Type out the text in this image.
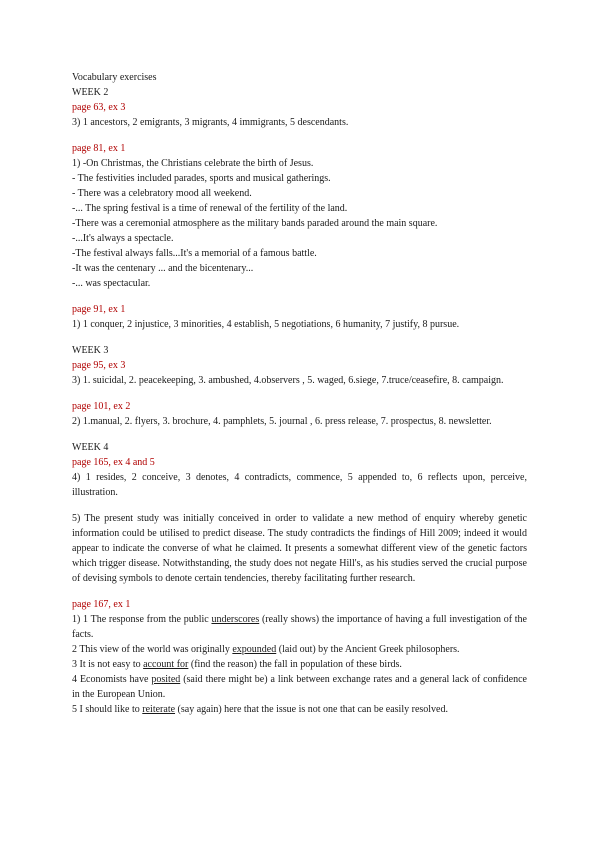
Vocabulary exercises
WEEK 2
page 63, ex 3
3) 1 ancestors, 2 emigrants, 3 migrants, 4 immigrants, 5 descendants.
page 81, ex 1
1) -On Christmas, the Christians celebrate the birth of Jesus.
- The festivities included parades, sports and musical gatherings.
- There was a celebratory mood all weekend.
-... The spring festival is a time of renewal of the fertility of the land.
-There was a ceremonial atmosphere as the military bands paraded around the main square.
-...It's always a spectacle.
-The festival always falls...It's a memorial of a famous battle.
-It was the centenary ... and the bicentenary...
-... was spectacular.
page 91, ex 1
1) 1 conquer, 2 injustice, 3 minorities, 4 establish, 5 negotiations, 6 humanity, 7 justify, 8 pursue.
WEEK 3
page 95, ex 3
3) 1. suicidal, 2. peacekeeping, 3. ambushed, 4.observers , 5. waged, 6.siege, 7.truce/ceasefire, 8. campaign.
page 101, ex 2
2) 1.manual, 2. flyers, 3. brochure, 4. pamphlets, 5. journal , 6. press release, 7. prospectus, 8. newsletter.
WEEK 4
page 165, ex 4 and 5
4) 1 resides, 2 conceive, 3 denotes, 4 contradicts, commence, 5 appended to, 6 reflects upon, perceive, illustration.
5) The present study was initially conceived in order to validate a new method of enquiry whereby genetic information could be utilised to predict disease. The study contradicts the findings of Hill 2009; indeed it would appear to indicate the converse of what he claimed. It presents a somewhat different view of the genetic factors which trigger disease. Notwithstanding, the study does not negate Hill's, as his studies served the crucial purpose of devising symbols to denote certain tendencies, thereby facilitating further research.
page 167, ex 1
1) 1 The response from the public underscores (really shows) the importance of having a full investigation of the facts.
2 This view of the world was originally expounded (laid out) by the Ancient Greek philosophers.
3 It is not easy to account for (find the reason) the fall in population of these birds.
4 Economists have posited (said there might be) a link between exchange rates and a general lack of confidence in the European Union.
5 I should like to reiterate (say again) here that the issue is not one that can be easily resolved.
